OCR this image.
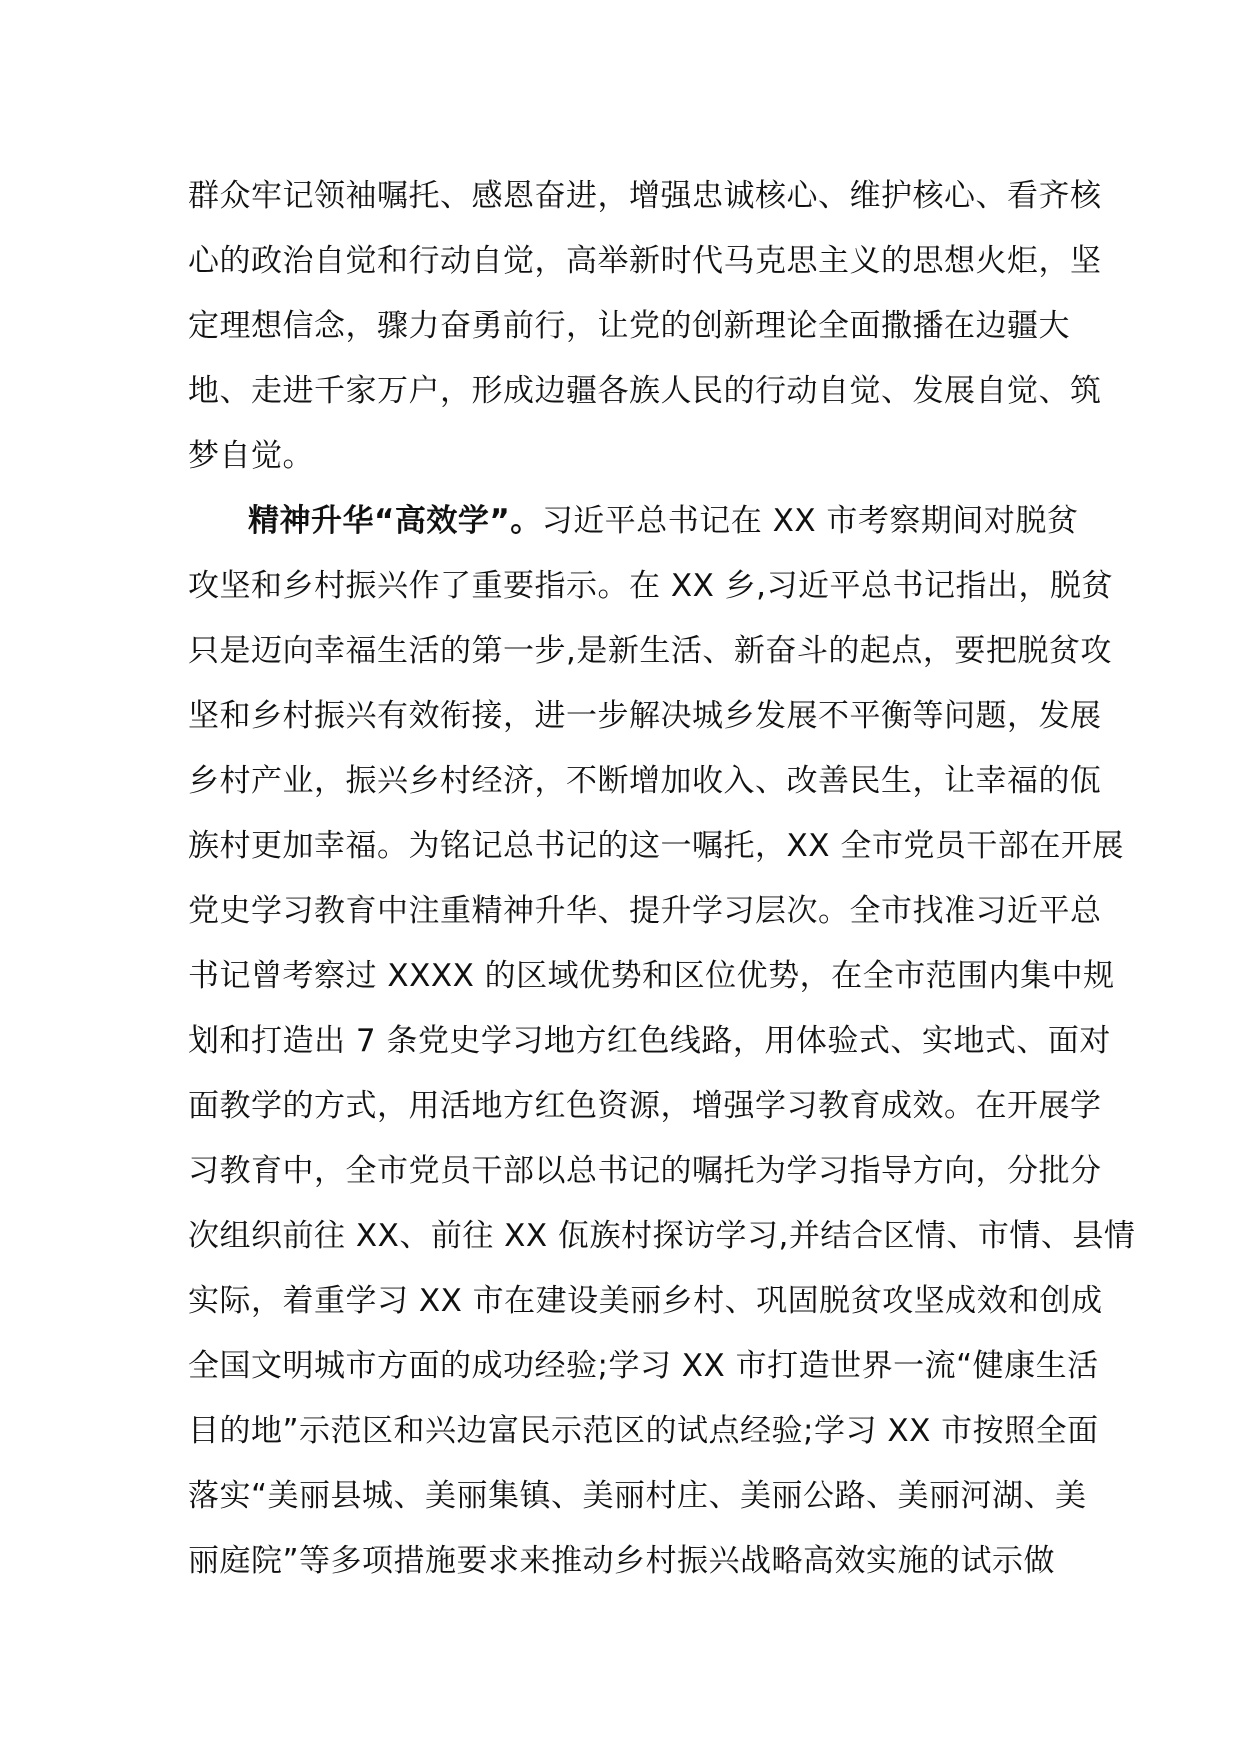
群众牢记领袖嘱托、感恩奋进，增强忠诚核心、维护核心、看齐核
心的政治自觉和行动自觉，高举新时代马克思主义的思想火炬，坚
定理想信念，骤力奋勇前行，让党的创新理论全面撒播在边疆大
地、走进千家万户，形成边疆各族人民的行动自觉、发展自觉、筑
梦自觉。
精神升华“高效学”。习近平总书记在 XX 市考察期间对脱贫
攻坚和乡村振兴作了重要指示。在 XX 乡,习近平总书记指出，脱贫
只是迈向幸福生活的第一步,是新生活、新奋斗的起点，要把脱贫攻
坚和乡村振兴有效衔接，进一步解决城乡发展不平衡等问题，发展
乡村产业，振兴乡村经济，不断增加收入、改善民生，让幸福的佤
族村更加幸福。为铭记总书记的这一嘱托，XX 全市党员干部在开展
党史学习教育中注重精神升华、提升学习层次。全市找准习近平总
书记曾考察过 XXXX 的区域优势和区位优势，在全市范围内集中规
划和打造出 7 条党史学习地方红色线路，用体验式、实地式、面对
面教学的方式，用活地方红色资源，增强学习教育成效。在开展学
习教育中，全市党员干部以总书记的嘱托为学习指导方向，分批分
次组织前往 XX、前往 XX 佤族村探访学习,并结合区情、市情、县情
实际，着重学习 XX 市在建设美丽乡村、巩固脱贫攻坚成效和创成
全国文明城市方面的成功经验;学习 XX 市打造世界一流“健康生活
目的地”示范区和兴边富民示范区的试点经验;学习 XX 市按照全面
落实“美丽县城、美丽集镇、美丽村庄、美丽公路、美丽河湖、美
丽庭院”等多项措施要求来推动乡村振兴战略高效实施的试示做
